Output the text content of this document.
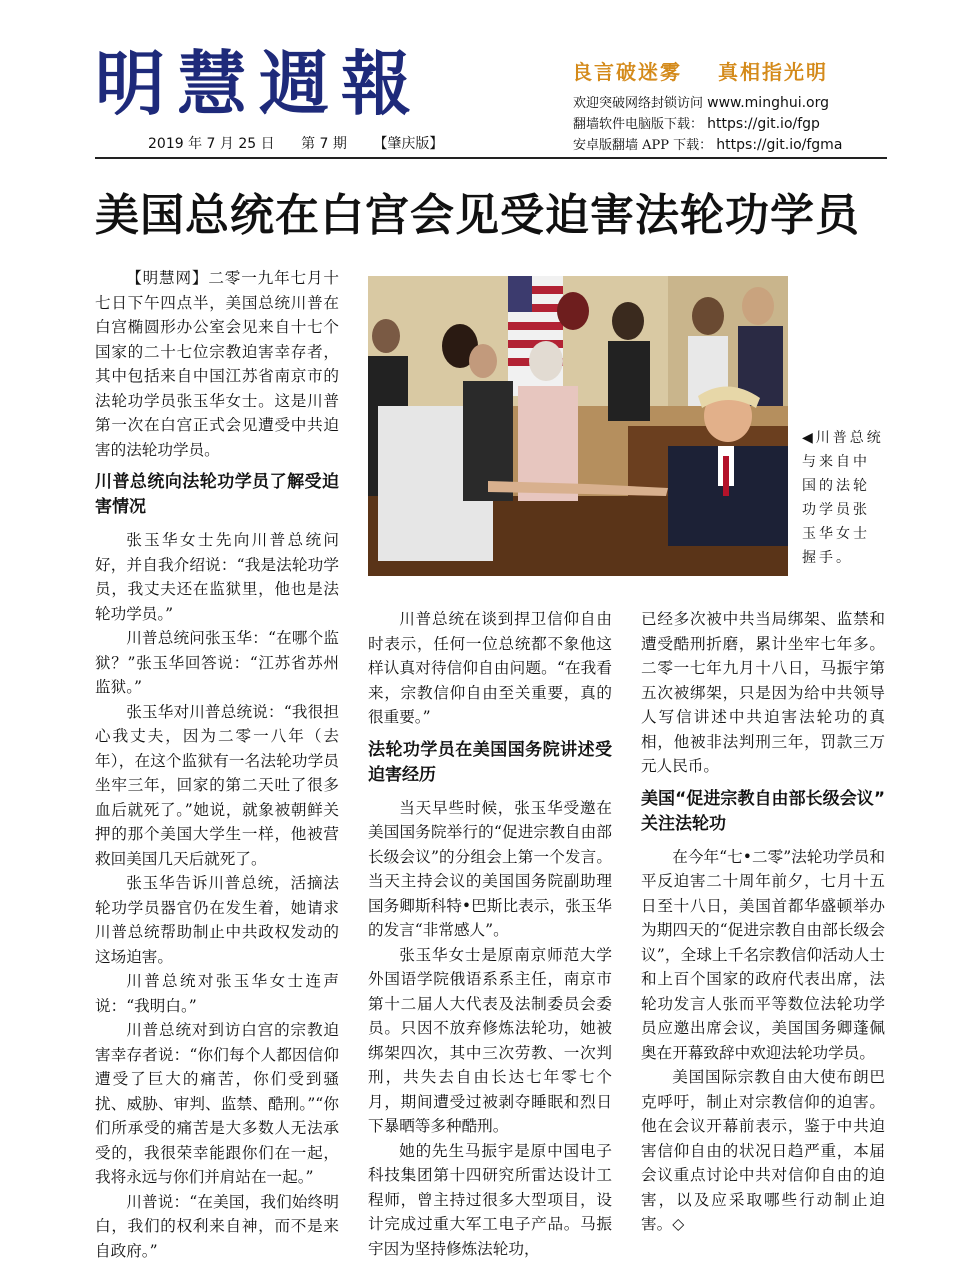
明慧週報	良言破迷雾 真相指光明
欢迎突破网络封锁访问 www.minghui.org
翻墙软件电脑版下载： https://git.io/fgp
安卓版翻墙 APP 下载： https://git.io/fgma
2019 年 7 月 25 日 第 7 期 【肇庆版】
美国总统在白宫会见受迫害法轮功学员

【明慧网】二零一九年七月十七日下午四点半，美国总统川普在白宫椭圆形办公室会见来自十七个国家的二十七位宗教迫害幸存者，其中包括来自中国江苏省南京市的法轮功学员张玉华女士。这是川普第一次在白宫正式会见遭受中共迫害的法轮功学员。

川普总统向法轮功学员了解受迫害情况

张玉华女士先向川普总统问好，并自我介绍说：“我是法轮功学员，我丈夫还在监狱里，他也是法轮功学员。”

川普总统问张玉华：“在哪个监狱？”张玉华回答说：“江苏省苏州监狱。”

张玉华对川普总统说：“我很担心我丈夫，因为二零一八年（去年），在这个监狱有一名法轮功学员坐牢三年，回家的第二天吐了很多血后就死了。”她说，就象被朝鲜关押的那个美国大学生一样，他被营救回美国几天后就死了。

张玉华告诉川普总统，活摘法轮功学员器官仍在发生着，她请求川普总统帮助制止中共政权发动的这场迫害。

川普总统对张玉华女士连声说：“我明白。”

川普总统对到访白宫的宗教迫害幸存者说：“你们每个人都因信仰遭受了巨大的痛苦，你们受到骚扰、威胁、审判、监禁、酷刑。”“你们所承受的痛苦是大多数人无法承受的，我很荣幸能跟你们在一起，我将永远与你们并肩站在一起。”

川普说：“在美国，我们始终明白，我们的权利来自神，而不是来自政府。”

◀川普总统与来自中国的法轮功学员张玉华女士握手。

川普总统在谈到捍卫信仰自由时表示，任何一位总统都不象他这样认真对待信仰自由问题。“在我看来，宗教信仰自由至关重要，真的很重要。”

法轮功学员在美国国务院讲述受迫害经历

当天早些时候，张玉华受邀在美国国务院举行的“促进宗教自由部长级会议”的分组会上第一个发言。当天主持会议的美国国务院副助理国务卿斯科特•巴斯比表示，张玉华的发言“非常感人”。

张玉华女士是原南京师范大学外国语学院俄语系系主任，南京市第十二届人大代表及法制委员会委员。只因不放弃修炼法轮功，她被绑架四次，其中三次劳教、一次判刑，共失去自由长达七年零七个月，期间遭受过被剥夺睡眠和烈日下暴晒等多种酷刑。

她的先生马振宇是原中国电子科技集团第十四研究所雷达设计工程师，曾主持过很多大型项目，设计完成过重大军工电子产品。马振宇因为坚持修炼法轮功，

已经多次被中共当局绑架、监禁和遭受酷刑折磨，累计坐牢七年多。二零一七年九月十八日，马振宇第五次被绑架，只是因为给中共领导人写信讲述中共迫害法轮功的真相，他被非法判刑三年，罚款三万元人民币。

美国“促进宗教自由部长级会议”　关注法轮功

在今年“七•二零”法轮功学员和平反迫害二十周年前夕，七月十五日至十八日，美国首都华盛顿举办为期四天的“促进宗教自由部长级会议”，全球上千名宗教信仰活动人士和上百个国家的政府代表出席，法轮功发言人张而平等数位法轮功学员应邀出席会议，美国国务卿蓬佩奥在开幕致辞中欢迎法轮功学员。

美国国际宗教自由大使布朗巴克呼吁，制止对宗教信仰的迫害。他在会议开幕前表示，鉴于中共迫害信仰自由的状况日趋严重，本届会议重点讨论中共对信仰自由的迫害，以及应采取哪些行动制止迫害。◇
